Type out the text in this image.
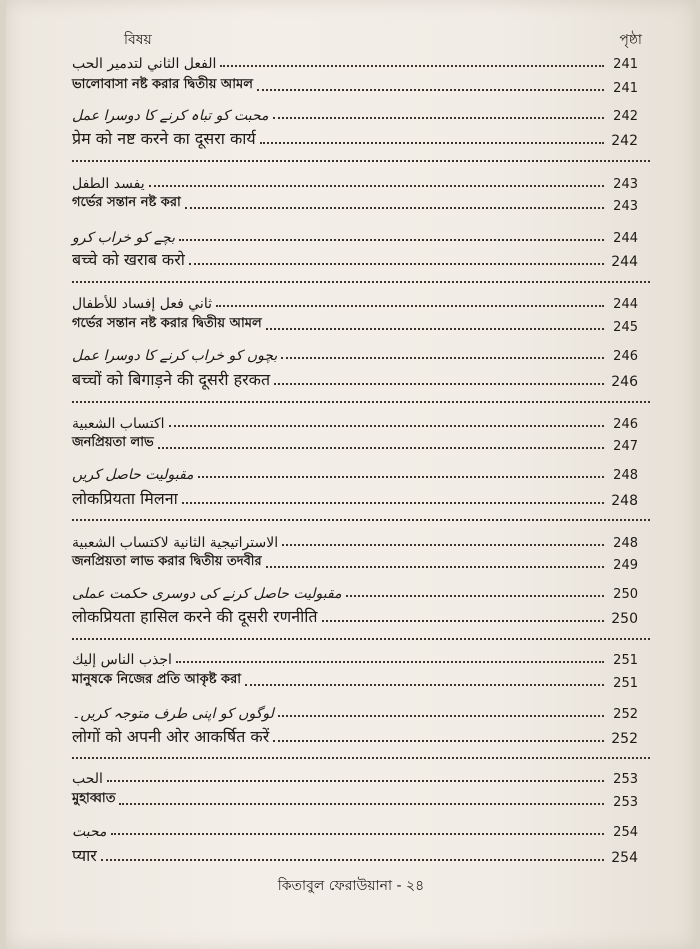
বিষয়	পৃষ্ঠা
الفعل الثاني لتدمير الحب	241
ভালোবাসা নষ্ট করার দ্বিতীয় আমল	241
محبت کو تباہ کرنے کا دوسرا عمل	242
प्रेम को नष्ट करने का दूसरा कार्य	242
يفسد الطفل	243
গর্ভের সন্তান নষ্ট করা	243
بچے کو خراب کرو	244
बच्चे को खराब करो	244
ثاني فعل إفساد للأطفال	244
গর্ভের সন্তান নষ্ট করার দ্বিতীয় আমল	245
بچوں کو خراب کرنے کا دوسرا عمل	246
बच्चों को बिगाड़ने की दूसरी हरकत	246
اكتساب الشعبية	246
জনপ্রিয়তা লাভ	247
مقبولیت حاصل کریں	248
लोकप्रियता मिलना	248
الاستراتيجية الثانية لاكتساب الشعبية	248
জনপ্রিয়তা লাভ করার দ্বিতীয় তদবীর	249
مقبولیت حاصل کرنے کی دوسری حکمت عملی	250
लोकप्रियता हासिल करने की दूसरी रणनीति	250
اجذب الناس إليك	251
মানুষকে নিজের প্রতি আকৃষ্ট করা	251
لوگوں کو اپنی طرف متوجہ کریں۔	252
लोगों को अपनी ओर आकर्षित करें	252
الحب	253
মুহাব্বাত	253
محبت	254
प्यार	254
কিতাবুল ফেরাউয়ানা - ২৪
